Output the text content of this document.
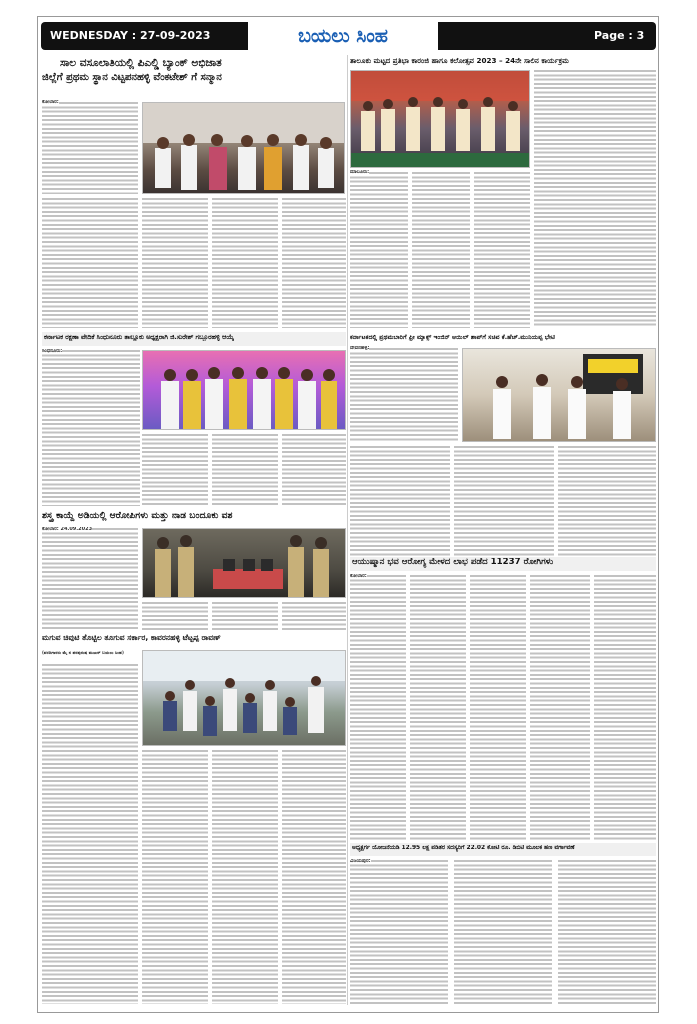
WEDNESDAY : 27-09-2023	ಬಯಲು ಸಿಂಹ	Page : 3
ಸಾಲ ವಸೂಲಾತಿಯಲ್ಲಿ ಪಿಎಲ್ಡಿ ಬ್ಯಾಂಕ್ ಅಭಿಜಾತ
ಜಿಲ್ಲೆಗೆ ಪ್ರಥಮ ಸ್ಥಾನ ವಿಟ್ಟಪನಹಳ್ಳಿ ವೆಂಕಟೇಶ್ ಗೆ ಸನ್ಮಾನ
ಕೋಲಾರ:
ತಾಲೂಕು ಮಟ್ಟದ ಪ್ರತಿಭಾ ಕಾರಂಜಿ ಹಾಗೂ ಕಲೋತ್ಸವ 2023 – 24ನೇ ಸಾಲಿನ ಕಾರ್ಯಕ್ರಮ
ಮಾಲೂರು:
ಕರ್ನಾಟಕ ರಕ್ಷಣಾ ವೇದಿಕೆ ಸಿಂಧುನೂರು ತಾಲ್ಲೂಕು ಅಧ್ಯಕ್ಷರಾಗಿ ಜಿ.ಸುರೇಶ್ ಗಬ್ಬೂರಹಳ್ಳಿ ಆಯ್ಕೆ
ಸಿಂಧನೂರು:
ಕರ್ನಾಟಕದಲ್ಲಿ ಪ್ರಥಮಬಾರಿಗೆ ಫ್ರೀ ಮ್ಯಾಕ್ಸ್ ಇಂಜಿನ್ ಆಯಿಲ್ ಶಾಪ್‌ಗೆ ಸಚಿವ ಕೆ.ಹೆಚ್.ಮುನಿಯಪ್ಪ ಭೇಟಿ
ದೇವನಹಳ್ಳಿ:
ಶಸ್ತ್ರ ಕಾಯ್ದೆ ಅಡಿಯಲ್ಲಿ ಆರೋಪಿಗಳು ಮತ್ತು ನಾಡ ಬಂದೂಕು ವಶ
ಕೋಲಾರ: 24.09.2023
ಆಯುಷ್ಮಾನ ಭವ ಆರೋಗ್ಯ ಮೇಳದ ಲಾಭ ಪಡೆದ 11237 ರೋಗಿಗಳು
ಕೋಲಾರ:
ಮಗುವ ಚಿವುಟಿ ತೊಟ್ಟಿಲ ತೂಗುವ ಸರ್ಕಾರ, ಕಾವರನಹಳ್ಳಿ ಟೆಟ್ಟಪ್ಪ ರಾವಣ್
(ವರದಿಗಾರರು ಮೈ ನ ಪರಪುರುಷ ಮುಖರ್ ಬಯಲು ಸಿಂಹ)
ಅಧ್ಯಕ್ಷರ್ಗ ಯೋಜನೆಯಡಿ 12.95 ಲಕ್ಷ ಪಡಿತರ ಸದಸ್ಯರಿಗೆ 22.02 ಕೋಟಿ ರೂ. ಡಿಬಿಟಿ ಮೂಲಕ ಹಣ ವರ್ಗಾವಣೆ
ವಿಜಯಪುರ:
